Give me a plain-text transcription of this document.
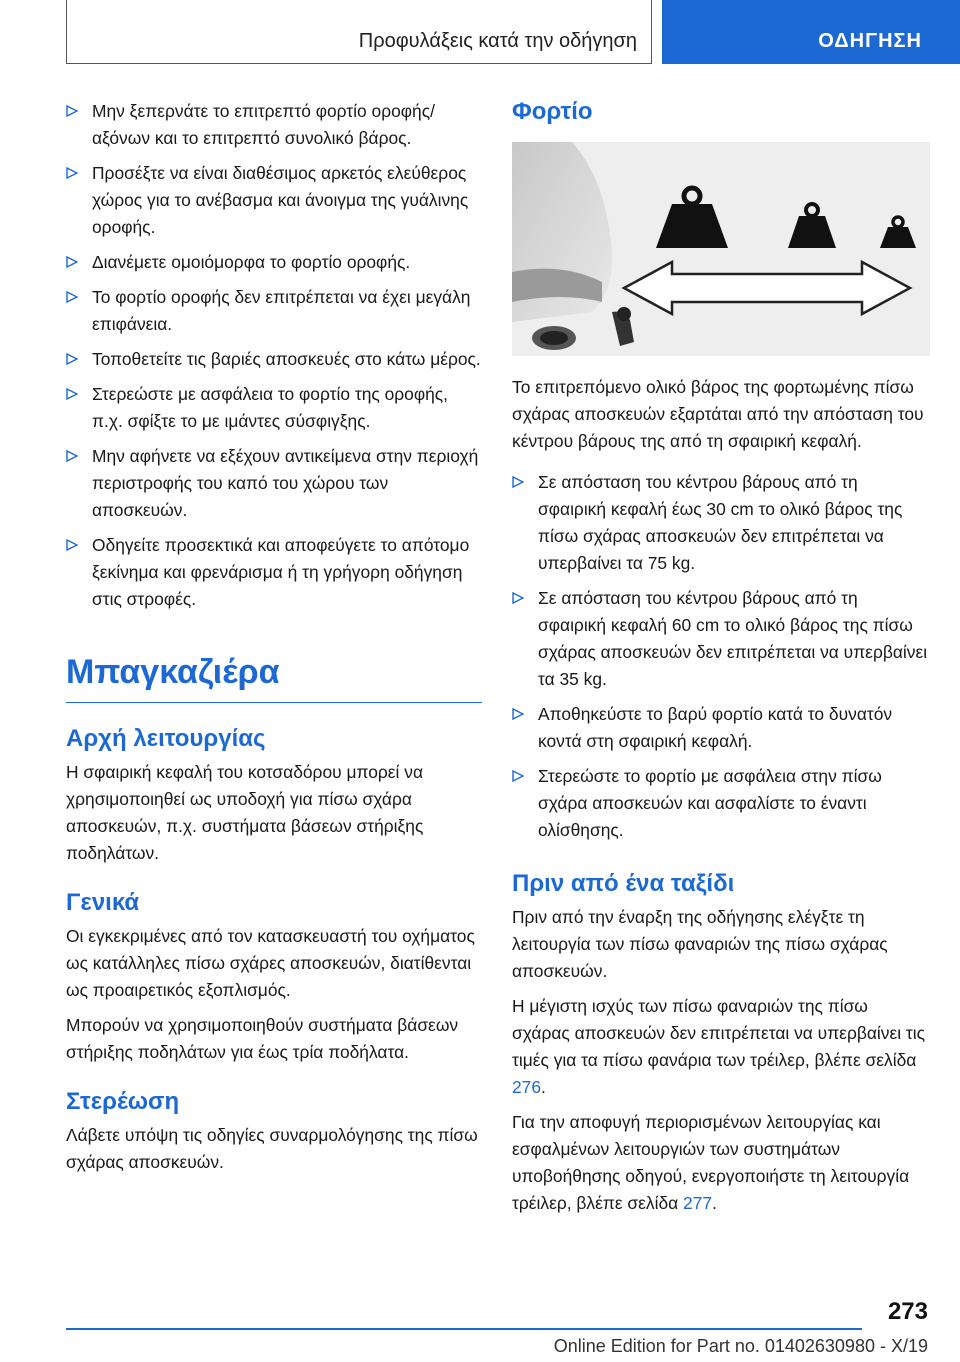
Προφυλάξεις κατά την οδήγηση	ΟΔΗΓΗΣΗ
Μην ξεπερνάτε το επιτρεπτό φορτίο οροφής/αξόνων και το επιτρεπτό συνολικό βάρος.
Προσέξτε να είναι διαθέσιμος αρκετός ελεύθερος χώρος για το ανέβασμα και άνοιγμα της γυάλινης οροφής.
Διανέμετε ομοιόμορφα το φορτίο οροφής.
Το φορτίο οροφής δεν επιτρέπεται να έχει μεγάλη επιφάνεια.
Τοποθετείτε τις βαριές αποσκευές στο κάτω μέρος.
Στερεώστε με ασφάλεια το φορτίο της οροφής, π.χ. σφίξτε το με ιμάντες σύσφιγξης.
Μην αφήνετε να εξέχουν αντικείμενα στην περιοχή περιστροφής του καπό του χώρου των αποσκευών.
Οδηγείτε προσεκτικά και αποφεύγετε το απότομο ξεκίνημα και φρενάρισμα ή τη γρήγορη οδήγηση στις στροφές.
Μπαγκαζιέρα
Αρχή λειτουργίας

Η σφαιρική κεφαλή του κοτσαδόρου μπορεί να χρησιμοποιηθεί ως υποδοχή για πίσω σχάρα αποσκευών, π.χ. συστήματα βάσεων στήριξης ποδηλάτων.

Γενικά

Οι εγκεκριμένες από τον κατασκευαστή του οχήματος ως κατάλληλες πίσω σχάρες αποσκευών, διατίθενται ως προαιρετικός εξοπλισμός.

Μπορούν να χρησιμοποιηθούν συστήματα βάσεων στήριξης ποδηλάτων για έως τρία ποδήλατα.

Στερέωση

Λάβετε υπόψη τις οδηγίες συναρμολόγησης της πίσω σχάρας αποσκευών.

Φορτίο

Το επιτρεπόμενο ολικό βάρος της φορτωμένης πίσω σχάρας αποσκευών εξαρτάται από την απόσταση του κέντρου βάρους της από τη σφαιρική κεφαλή.

Σε απόσταση του κέντρου βάρους από τη σφαιρική κεφαλή έως 30 cm το ολικό βάρος της πίσω σχάρας αποσκευών δεν επιτρέπεται να υπερβαίνει τα 75 kg.
Σε απόσταση του κέντρου βάρους από τη σφαιρική κεφαλή 60 cm το ολικό βάρος της πίσω σχάρας αποσκευών δεν επιτρέπεται να υπερβαίνει τα 35 kg.
Αποθηκεύστε το βαρύ φορτίο κατά το δυνατόν κοντά στη σφαιρική κεφαλή.
Στερεώστε το φορτίο με ασφάλεια στην πίσω σχάρα αποσκευών και ασφαλίστε το έναντι ολίσθησης.
Πριν από ένα ταξίδι

Πριν από την έναρξη της οδήγησης ελέγξτε τη λειτουργία των πίσω φαναριών της πίσω σχάρας αποσκευών.

Η μέγιστη ισχύς των πίσω φαναριών της πίσω σχάρας αποσκευών δεν επιτρέπεται να υπερβαίνει τις τιμές για τα πίσω φανάρια των τρέιλερ, βλέπε σελίδα 276.

Για την αποφυγή περιορισμένων λειτουργίας και εσφαλμένων λειτουργιών των συστημάτων υποβοήθησης οδηγού, ενεργοποιήστε τη λειτουργία τρέιλερ, βλέπε σελίδα 277.

273
Online Edition for Part no. 01402630980 - X/19
